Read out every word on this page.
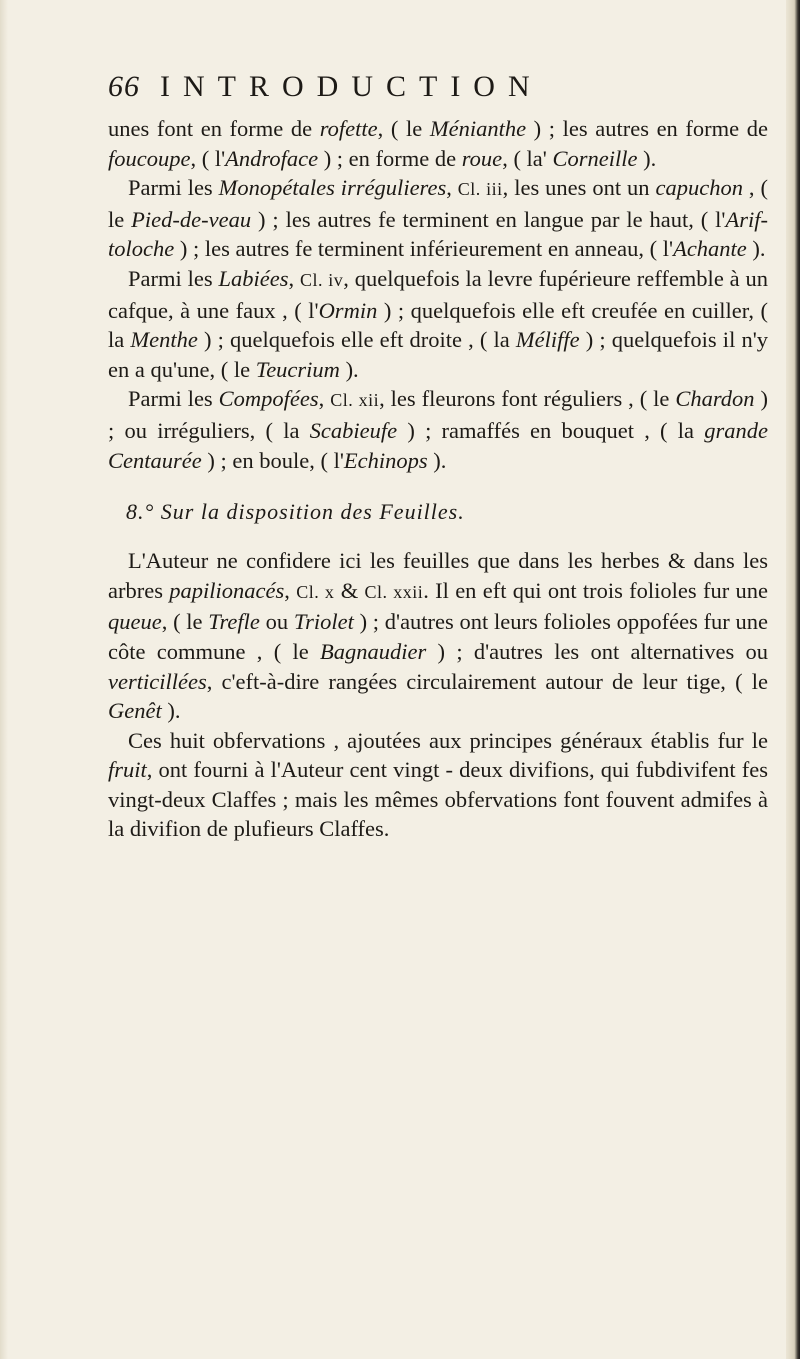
66 INTRODUCTION

unes font en forme de rofette, ( le Ménianthe ) ; les autres en forme de foucoupe, ( l'Androface ) ; en forme de roue, ( la' Corneille ).

Parmi les Monopétales irrégulieres, Cl. iii, les unes ont un capuchon , ( le Pied-de-veau ) ; les autres fe terminent en langue par le haut, ( l'Arif-toloche ) ; les autres fe terminent inférieurement en anneau, ( l'Achante ).

Parmi les Labiées, Cl. iv, quelquefois la levre fupérieure reffemble à un cafque, à une faux , ( l'Ormin ) ; quelquefois elle eft creufée en cuiller, ( la Menthe ) ; quelquefois elle eft droite , ( la Méliffe ) ; quelquefois il n'y en a qu'une, ( le Teucrium ).

Parmi les Compofées, Cl. xii, les fleurons font réguliers , ( le Chardon ) ; ou irréguliers, ( la Scabieufe ) ; ramaffés en bouquet , ( la grande Centaurée ) ; en boule, ( l'Echinops ).

8.° Sur la disposition des Feuilles.

L'Auteur ne confidere ici les feuilles que dans les herbes & dans les arbres papilionacés, Cl. x & Cl. xxii. Il en eft qui ont trois folioles fur une queue, ( le Trefle ou Triolet ) ; d'autres ont leurs folioles oppofées fur une côte commune , ( le Bagnaudier ) ; d'autres les ont alternatives ou verticillées, c'eft-à-dire rangées circulairement autour de leur tige, ( le Genêt ).

Ces huit obfervations , ajoutées aux principes généraux établis fur le fruit, ont fourni à l'Auteur cent vingt - deux divifions, qui fubdivifent fes vingt-deux Claffes ; mais les mêmes obfervations font fouvent admifes à la divifion de plufieurs Claffes.
